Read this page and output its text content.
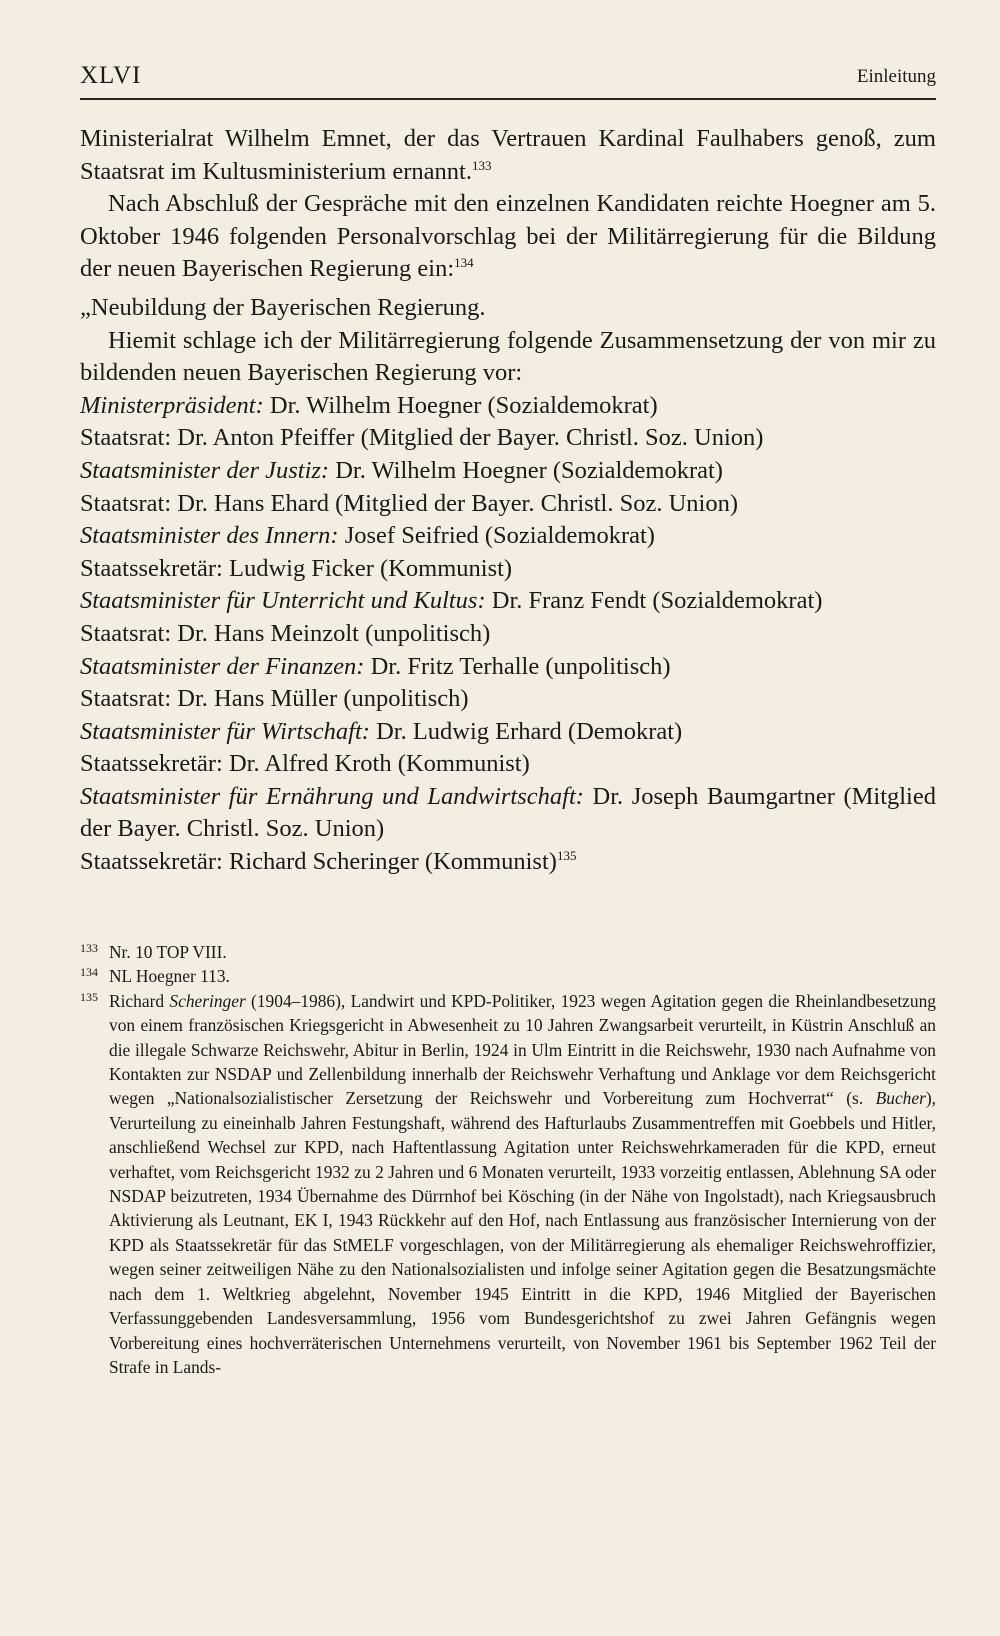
XLVI	Einleitung

Ministerialrat Wilhelm Emnet, der das Vertrauen Kardinal Faulhabers genoß, zum Staatsrat im Kultusministerium ernannt.$^{133}$

Nach Abschluß der Gespräche mit den einzelnen Kandidaten reichte Hoegner am 5. Oktober 1946 folgenden Personalvorschlag bei der Militärregierung für die Bildung der neuen Bayerischen Regierung ein:$^{134}$

„Neubildung der Bayerischen Regierung.

Hiemit schlage ich der Militärregierung folgende Zusammensetzung der von mir zu bildenden neuen Bayerischen Regierung vor:

Ministerpräsident: Dr. Wilhelm Hoegner (Sozialdemokrat)

Staatsrat: Dr. Anton Pfeiffer (Mitglied der Bayer. Christl. Soz. Union)

Staatsminister der Justiz: Dr. Wilhelm Hoegner (Sozialdemokrat)

Staatsrat: Dr. Hans Ehard (Mitglied der Bayer. Christl. Soz. Union)

Staatsminister des Innern: Josef Seifried (Sozialdemokrat)

Staatssekretär: Ludwig Ficker (Kommunist)

Staatsminister für Unterricht und Kultus: Dr. Franz Fendt (Sozialdemokrat)

Staatsrat: Dr. Hans Meinzolt (unpolitisch)

Staatsminister der Finanzen: Dr. Fritz Terhalle (unpolitisch)

Staatsrat: Dr. Hans Müller (unpolitisch)

Staatsminister für Wirtschaft: Dr. Ludwig Erhard (Demokrat)

Staatssekretär: Dr. Alfred Kroth (Kommunist)

Staatsminister für Ernährung und Landwirtschaft: Dr. Joseph Baumgartner (Mitglied der Bayer. Christl. Soz. Union)

Staatssekretär: Richard Scheringer (Kommunist)$^{135}$

133 Nr. 10 TOP VIII.

134 NL Hoegner 113.

135 Richard Scheringer (1904–1986), Landwirt und KPD-Politiker, 1923 wegen Agitation gegen die Rheinlandbesetzung von einem französischen Kriegsgericht in Abwesenheit zu 10 Jahren Zwangsarbeit verurteilt, in Küstrin Anschluß an die illegale Schwarze Reichswehr, Abitur in Berlin, 1924 in Ulm Eintritt in die Reichswehr, 1930 nach Aufnahme von Kontakten zur NSDAP und Zellenbildung innerhalb der Reichswehr Verhaftung und Anklage vor dem Reichsgericht wegen „Nationalsozialistischer Zersetzung der Reichswehr und Vorbereitung zum Hochverrat“ (s. Bucher), Verurteilung zu eineinhalb Jahren Festungshaft, während des Hafturlaubs Zusammentreffen mit Goebbels und Hitler, anschließend Wechsel zur KPD, nach Haftentlassung Agitation unter Reichswehrkameraden für die KPD, erneut verhaftet, vom Reichsgericht 1932 zu 2 Jahren und 6 Monaten verurteilt, 1933 vorzeitig entlassen, Ablehnung SA oder NSDAP beizutreten, 1934 Übernahme des Dürrnhof bei Kösching (in der Nähe von Ingolstadt), nach Kriegsausbruch Aktivierung als Leutnant, EK I, 1943 Rückkehr auf den Hof, nach Entlassung aus französischer Internierung von der KPD als Staatssekretär für das StMELF vorgeschlagen, von der Militärregierung als ehemaliger Reichswehroffizier, wegen seiner zeitweiligen Nähe zu den Nationalsozialisten und infolge seiner Agitation gegen die Besatzungsmächte nach dem 1. Weltkrieg abgelehnt, November 1945 Eintritt in die KPD, 1946 Mitglied der Bayerischen Verfassunggebenden Landesversammlung, 1956 vom Bundesgerichtshof zu zwei Jahren Gefängnis wegen Vorbereitung eines hochverräterischen Unternehmens verurteilt, von November 1961 bis September 1962 Teil der Strafe in Lands-
